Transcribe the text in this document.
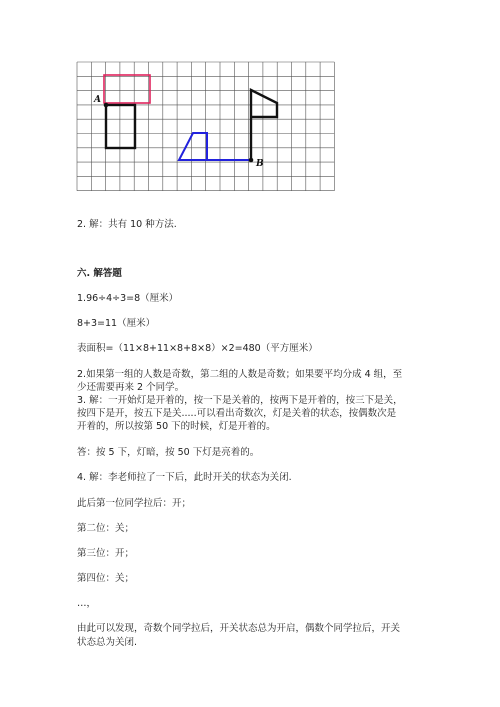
A
B
2. 解：共有 10 种方法.
六. 解答题
1.96÷4÷3=8（厘米）
8+3=11（厘米）
表面积=（11×8+11×8+8×8）×2=480（平方厘米）
2.如果第一组的人数是奇数，第二组的人数是奇数；如果要平均分成 4 组，至
少还需要再来 2 个同学。
3. 解：一开始灯是开着的，按一下是关着的，按两下是开着的，按三下是关，
按四下是开，按五下是关.....可以看出奇数次，灯是关着的状态，按偶数次是
开着的，所以按第 50 下的时候，灯是开着的。
答：按 5 下，灯暗，按 50 下灯是亮着的。
4. 解：李老师拉了一下后，此时开关的状态为关闭.
此后第一位同学拉后：开；
第二位：关；
第三位：开；
第四位：关；
…，
由此可以发现，奇数个同学拉后，开关状态总为开启，偶数个同学拉后，开关
状态总为关闭.
